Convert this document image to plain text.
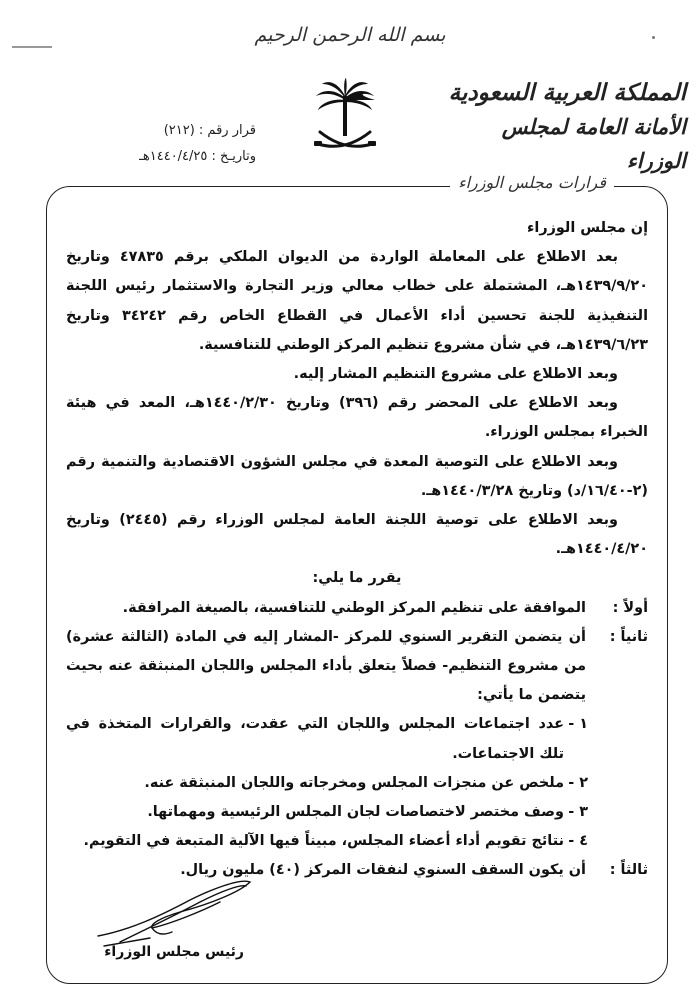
بسم الله الرحمن الرحيم
المملكة العربية السعودية
الأمانة العامة لمجلس الوزراء
قرار رقم : (٢١٢)
وتاريـخ : ١٤٤٠/٤/٢٥هـ
قرارات مجلس الوزراء

إن مجلس الوزراء

بعد الاطلاع على المعاملة الواردة من الديوان الملكي برقم ٤٧٨٣٥ وتاريخ ١٤٣٩/٩/٢٠هـ، المشتملة على خطاب معالي وزير التجارة والاستثمار رئيس اللجنة التنفيذية للجنة تحسين أداء الأعمال في القطاع الخاص رقم ٣٤٢٤٢ وتاريخ ١٤٣٩/٦/٢٣هـ، في شأن مشروع تنظيم المركز الوطني للتنافسية.

وبعد الاطلاع على مشروع التنظيم المشار إليه.

وبعد الاطلاع على المحضر رقم (٣٩٦) وتاريخ ١٤٤٠/٢/٣٠هـ، المعد في هيئة الخبراء بمجلس الوزراء.

وبعد الاطلاع على التوصية المعدة في مجلس الشؤون الاقتصادية والتنمية رقم (٢-١٦/٤٠/د) وتاريخ ١٤٤٠/٣/٢٨هـ.

وبعد الاطلاع على توصية اللجنة العامة لمجلس الوزراء رقم (٢٤٤٥) وتاريخ ١٤٤٠/٤/٢٠هـ.

يقرر ما يلي:

أولاً :
الموافقة على تنظيم المركز الوطني للتنافسية، بالصيغة المرافقة.
ثانياً :
أن يتضمن التقرير السنوي للمركز -المشار إليه في المادة (الثالثة عشرة) من مشروع التنظيم- فصلاً يتعلق بأداء المجلس واللجان المنبثقة عنه بحيث يتضمن ما يأتي:
١ -
عدد اجتماعات المجلس واللجان التي عقدت، والقرارات المتخذة في تلك الاجتماعات.
٢ -
ملخص عن منجزات المجلس ومخرجاته واللجان المنبثقة عنه.
٣ -
وصف مختصر لاختصاصات لجان المجلس الرئيسية ومهماتها.
٤ -
نتائج تقويم أداء أعضاء المجلس، مبيناً فيها الآلية المتبعة في التقويم.
ثالثاً :
أن يكون السقف السنوي لنفقات المركز (٤٠) مليون ريال.
رئيس مجلس الوزراء
